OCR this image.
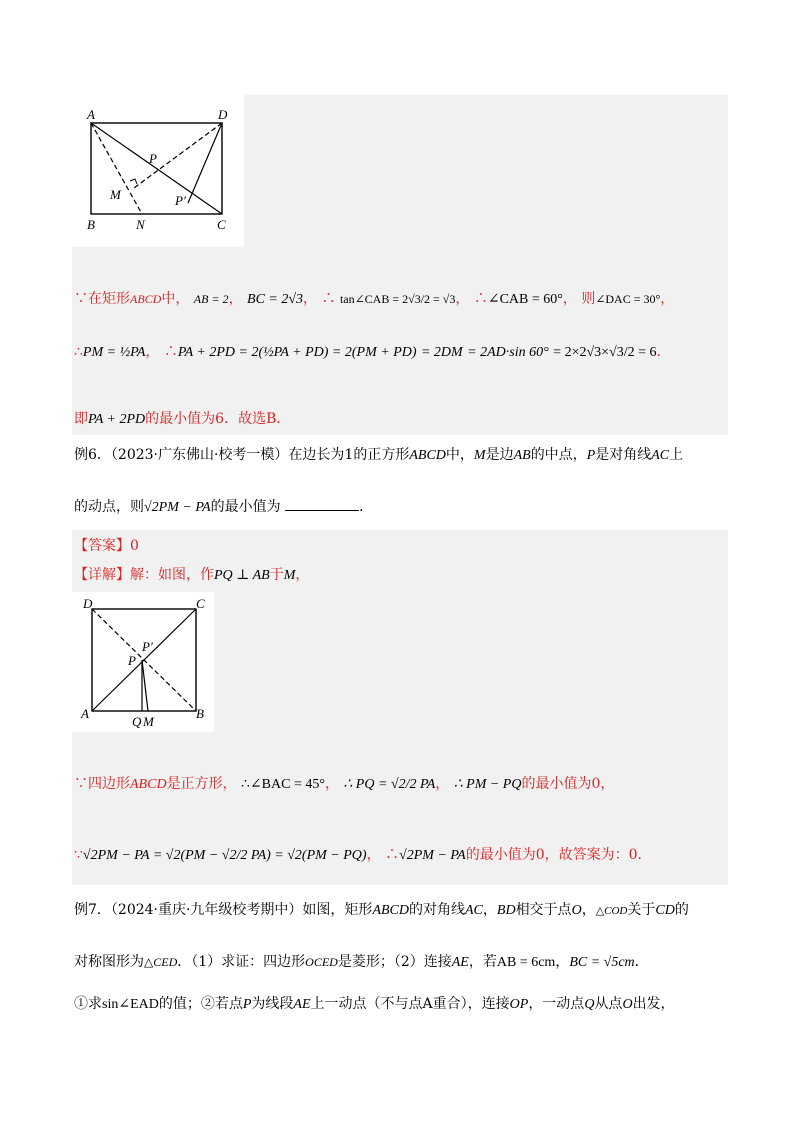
A	D
B	C
P
P′
M
N
∵在矩形ABCD中， AB = 2， BC = 2√3， ∴ tan∠CAB = 2√3/2 = √3， ∴∠CAB = 60°， 则∠DAC = 30°，
∴PM = ½PA， ∴PA + 2PD = 2(½PA + PD) = 2(PM + PD) = 2DM = 2AD·sin 60° = 2×2√3×√3/2 = 6.
即PA + 2PD的最小值为6．故选B．
例6．（2023·广东佛山·校考一模）在边长为1的正方形ABCD中，M是边AB的中点，P是对角线AC上
的动点，则√2PM − PA的最小值为	．
【答案】0
【详解】解：如图，作PQ ⊥ AB于M，
D	C
A	B
P
P′
Q M
∵四边形ABCD是正方形， ∴∠BAC = 45°， ∴ PQ = √2/2 PA， ∴ PM − PQ的最小值为0，
∵√2PM − PA = √2(PM − √2/2 PA) = √2(PM − PQ)， ∴√2PM − PA的最小值为0，故答案为：0．
例7．（2024·重庆·九年级校考期中）如图，矩形ABCD的对角线AC，BD相交于点O，△COD关于CD的
对称图形为△CED．（1）求证：四边形OCED是菱形；（2）连接AE，若AB = 6cm，BC = √5cm．
①求sin∠EAD的值；②若点P为线段AE上一动点（不与点A重合），连接OP，一动点Q从点O出发，
